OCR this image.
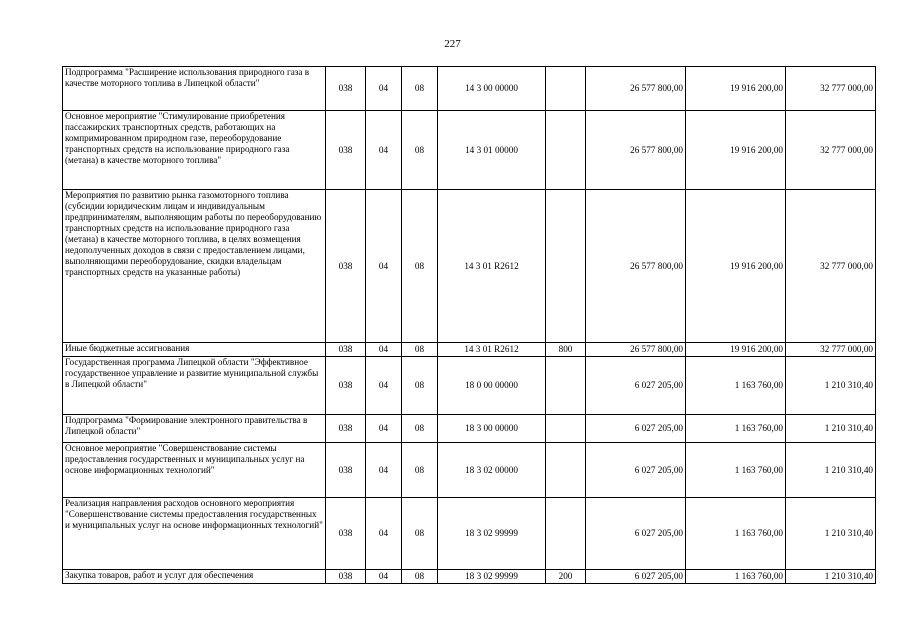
227
Подпрограмма "Расширение использования природного газа в качестве моторного топлива в Липецкой области"	038	04	08	14 3 00 00000		26 577 800,00	19 916 200,00	32 777 000,00
Основное мероприятие "Стимулирование приобретения пассажирских транспортных средств, работающих на компримированном природном газе, переоборудование транспортных средств на использование природного газа (метана) в качестве моторного топлива"	038	04	08	14 3 01 00000		26 577 800,00	19 916 200,00	32 777 000,00
Мероприятия по развитию рынка газомоторного топлива (субсидии юридическим лицам и индивидуальным предпринимателям, выполняющим работы по переоборудованию транспортных средств на использование природного газа (метана) в качестве моторного топлива, в целях возмещения недополученных доходов в связи с предоставлением лицами, выполняющими переоборудование, скидки владельцам транспортных средств на указанные работы)	038	04	08	14 3 01 R2612		26 577 800,00	19 916 200,00	32 777 000,00
Иные бюджетные ассигнования	038	04	08	14 3 01 R2612	800	26 577 800,00	19 916 200,00	32 777 000,00
Государственная программа Липецкой области "Эффективное государственное управление и развитие муниципальной службы в Липецкой области"	038	04	08	18 0 00 00000		6 027 205,00	1 163 760,00	1 210 310,40
Подпрограмма "Формирование электронного правительства в Липецкой области"	038	04	08	18 3 00 00000		6 027 205,00	1 163 760,00	1 210 310,40
Основное мероприятие "Совершенствование системы предоставления государственных и муниципальных услуг на основе информационных технологий"	038	04	08	18 3 02 00000		6 027 205,00	1 163 760,00	1 210 310,40
Реализация направления расходов основного мероприятия "Совершенствование системы предоставления государственных и муниципальных услуг на основе информационных технологий"	038	04	08	18 3 02 99999		6 027 205,00	1 163 760,00	1 210 310,40
Закупка товаров, работ и услуг для обеспечения	038	04	08	18 3 02 99999	200	6 027 205,00	1 163 760,00	1 210 310,40
